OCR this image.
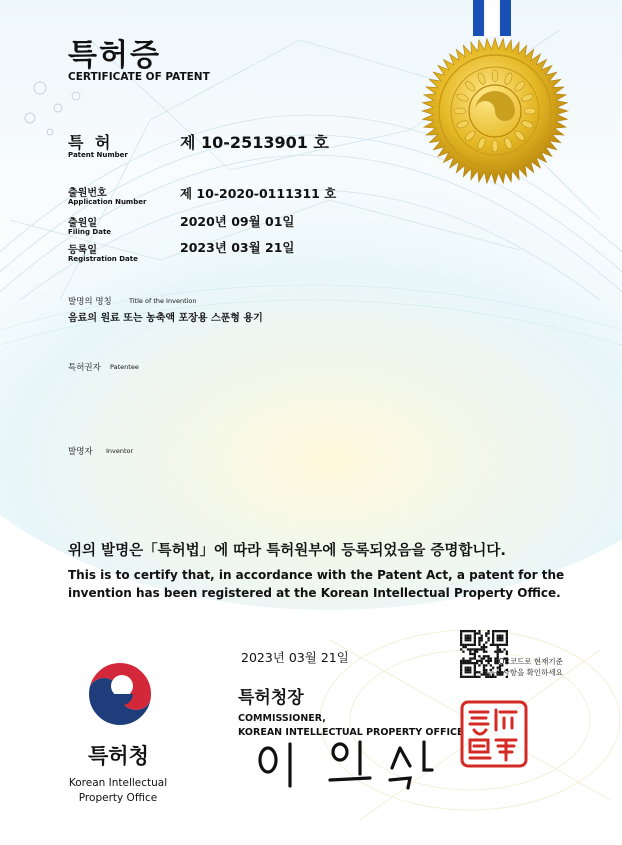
특허증
CERTIFICATE OF PATENT
특 허
Patent Number
제 10-2513901 호
출원번호
Application Number
제 10-2020-0111311 호
출원일
Filing Date
2020년 09월 01일
등록일
Registration Date
2023년 03월 21일
발명의 명칭	Title of the Invention
음료의 원료 또는 농축액 포장용 스푼형 용기
특허권자 Patentee
발명자 Inventor
위의 발명은「특허법」에 따라 특허원부에 등록되었음을 증명합니다.
This is to certify that, in accordance with the Patent Act, a patent for the
invention has been registered at the Korean Intellectual Property Office.
2023년 03월 21일
특허청장
COMMISSIONER,
KOREAN INTELLECTUAL PROPERTY OFFICE
QR코드로 현재기준
등록사항을 확인하세요
특허청
Korean Intellectual
Property Office
